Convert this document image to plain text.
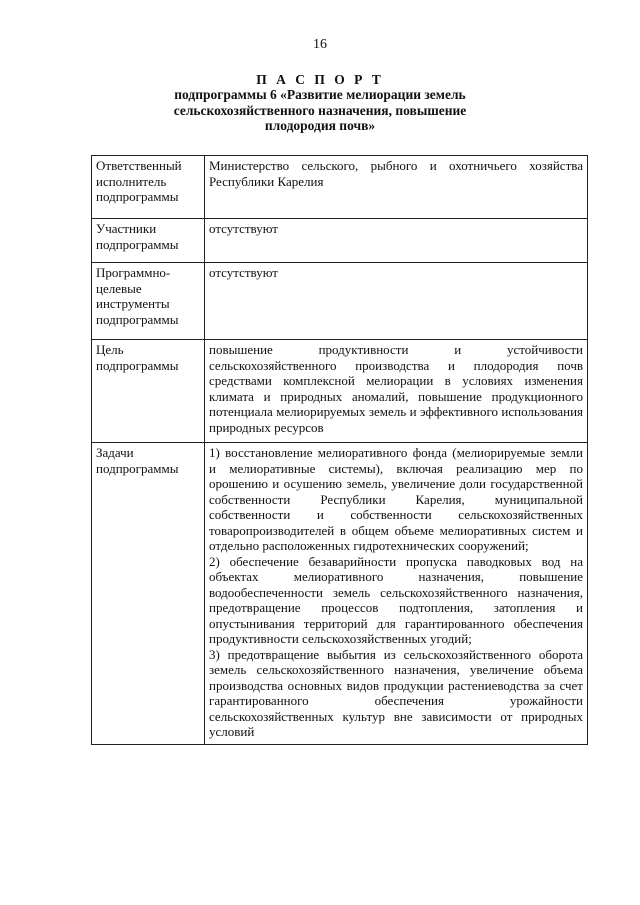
16
П А С П О Р Т
подпрограммы 6 «Развитие мелиорации земель сельскохозяйственного назначения, повышение плодородия почв»
Ответственный исполнитель подпрограммы	Министерство сельского, рыбного и охотничьего хозяйства Республики Карелия

Участники подпрограммы	отсутствуют

Программно-целевые инструменты подпрограммы	отсутствуют

Цель подпрограммы	повышение продуктивности и устойчивости сельскохозяйственного производства и плодородия почв средствами комплексной мелиорации в условиях изменения климата и природных аномалий, повышение продукционного потенциала мелиорируемых земель и эффективного использования природных ресурсов

Задачи подпрограммы	1) восстановление мелиоративного фонда (мелиорируемые земли и мелиоративные системы), включая реализацию мер по орошению и осушению земель, увеличение доли государственной собственности Республики Карелия, муниципальной собственности и собственности сельскохозяйственных товаропроизводителей в общем объеме мелиоративных систем и отдельно расположенных гидротехнических сооружений;
2) обеспечение безаварийности пропуска паводковых вод на объектах мелиоративного назначения, повышение водообеспеченности земель сельскохозяйственного назначения, предотвращение процессов подтопления, затопления и опустынивания территорий для гарантированного обеспечения продуктивности сельскохозяйственных угодий;
3) предотвращение выбытия из сельскохозяйственного оборота земель сельскохозяйственного назначения, увеличение объема производства основных видов продукции растениеводства за счет гарантированного обеспечения урожайности сельскохозяйственных культур вне зависимости от природных условий
